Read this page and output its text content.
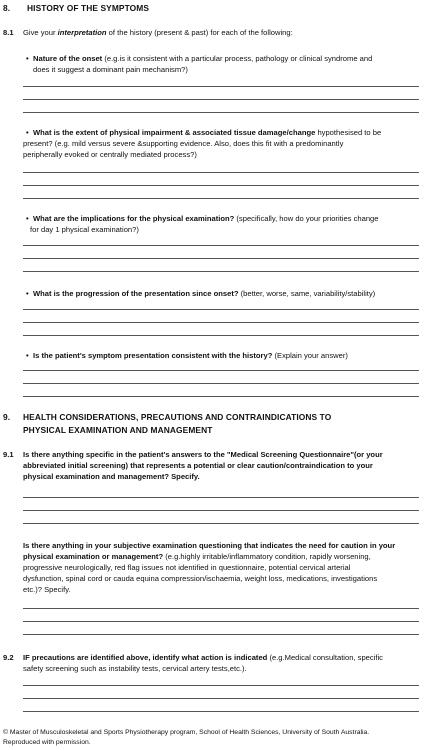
8. HISTORY OF THE SYMPTOMS
8.1 Give your interpretation of the history (present & past) for each of the following:
• Nature of the onset (e.g.is it consistent with a particular process, pathology or clinical syndrome and
does it suggest a dominant pain mechanism?)
• What is the extent of physical impairment & associated tissue damage/change hypothesised to be
present? (e.g. mild versus severe &supporting evidence. Also, does this fit with a predominantly
peripherally evoked or centrally mediated process?)
• What are the implications for the physical examination? (specifically, how do your priorities change
for day 1 physical examination?)
• What is the progression of the presentation since onset? (better, worse, same, variability/stability)
• Is the patient's symptom presentation consistent with the history? (Explain your answer)
9. HEALTH CONSIDERATIONS, PRECAUTIONS AND CONTRAINDICATIONS TO
PHYSICAL EXAMINATION AND MANAGEMENT
9.1 Is there anything specific in the patient's answers to the "Medical Screening Questionnaire"(or your
abbreviated initial screening) that represents a potential or clear caution/contraindication to your
physical examination and management? Specify.
Is there anything in your subjective examination questioning that indicates the need for caution in your
physical examination or management? (e.g.highly irritable/inflammatory condition, rapidly worsening,
progressive neurologically, red flag issues not identified in questionnaire, potential cervical arterial
dysfunction, spinal cord or cauda equina compression/ischaemia, weight loss, medications, investigations
etc.)? Specify.
9.2 IF precautions are identified above, identify what action is indicated (e.g.Medical consultation, specific
safety screening such as instability tests, cervical artery tests,etc.).
© Master of Musculoskeletal and Sports Physiotherapy program, School of Health Sciences, University of South Australia.
Reproduced with permission.
